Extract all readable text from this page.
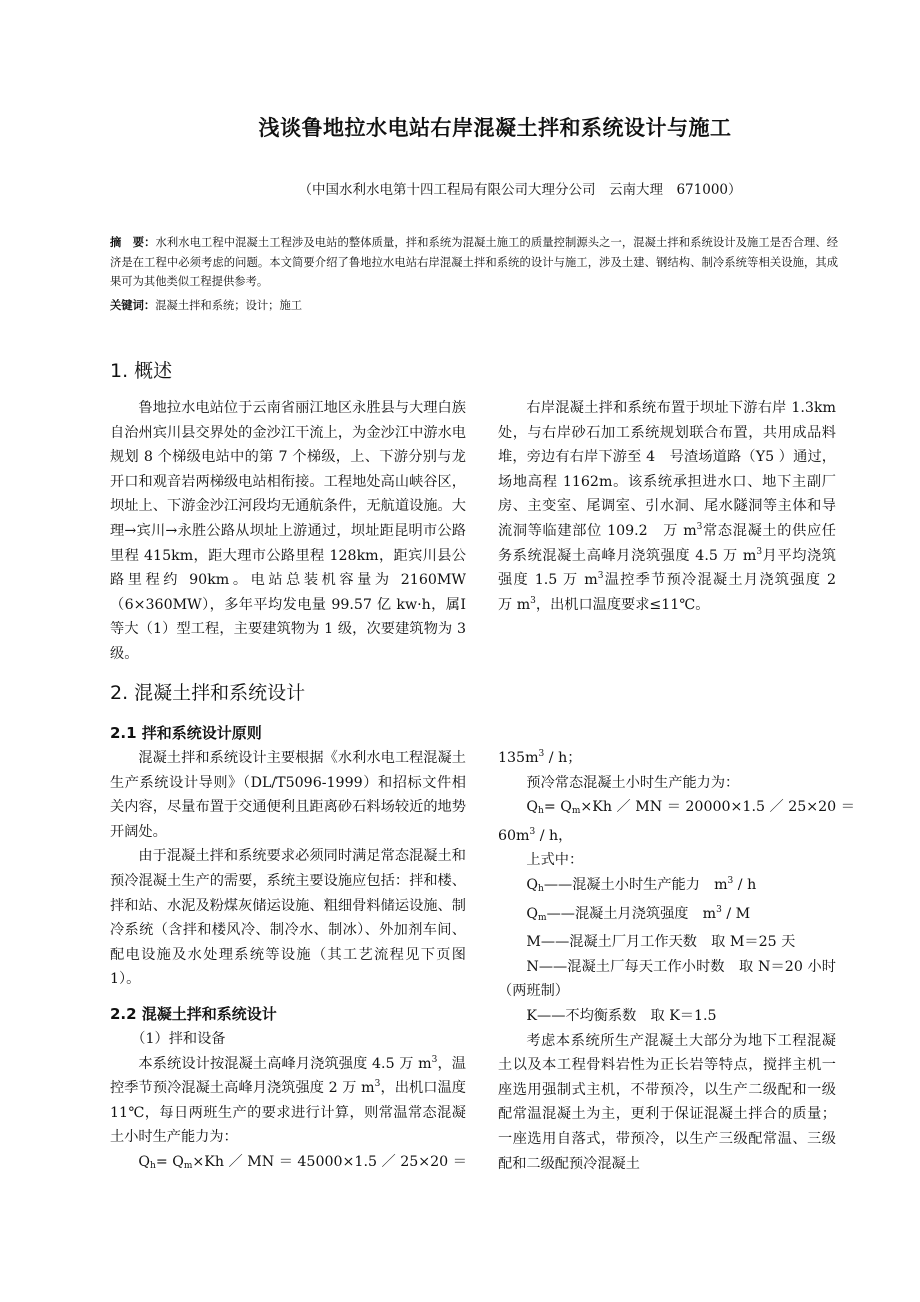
浅谈鲁地拉水电站右岸混凝土拌和系统设计与施工
（中国水利水电第十四工程局有限公司大理分公司　云南大理　671000）
摘　要：水利水电工程中混凝土工程涉及电站的整体质量，拌和系统为混凝土施工的质量控制源头之一，混凝土拌和系统设计及施工是否合理、经济是在工程中必须考虑的问题。本文简要介绍了鲁地拉水电站右岸混凝土拌和系统的设计与施工，涉及土建、钢结构、制冷系统等相关设施，其成果可为其他类似工程提供参考。
关键词：混凝土拌和系统；设计；施工
1. 概述

鲁地拉水电站位于云南省丽江地区永胜县与大理白族自治州宾川县交界处的金沙江干流上，为金沙江中游水电规划 8 个梯级电站中的第 7 个梯级，上、下游分别与龙开口和观音岩两梯级电站相衔接。工程地处高山峡谷区，坝址上、下游金沙江河段均无通航条件，无航道设施。大理→宾川→永胜公路从坝址上游通过，坝址距昆明市公路里程 415km，距大理市公路里程 128km，距宾川县公路里程约 90km。电站总装机容量为 2160MW（6×360MW），多年平均发电量 99.57 亿 kw·h，属Ⅰ等大（1）型工程，主要建筑物为 1 级，次要建筑物为 3 级。

右岸混凝土拌和系统布置于坝址下游右岸 1.3km 处，与右岸砂石加工系统规划联合布置，共用成品料堆，旁边有右岸下游至 4　号渣场道路（Y5 ）通过，场地高程 1162m。该系统承担进水口、地下主副厂房、主变室、尾调室、引水洞、尾水隧洞等主体和导流洞等临建部位 109.2　万 $m^3$常态混凝土的供应任务系统混凝土高峰月浇筑强度 4.5 万 $m^3$月平均浇筑强度 1.5 万 $m^3$温控季节预冷混凝土月浇筑强度 2　万 $m^3$，出机口温度要求≤11℃。

2. 混凝土拌和系统设计
2.1 拌和系统设计原则

混凝土拌和系统设计主要根据《水利水电工程混凝土生产系统设计导则》（DL/T5096-1999）和招标文件相关内容，尽量布置于交通便利且距离砂石料场较近的地势开阔处。

由于混凝土拌和系统要求必须同时满足常态混凝土和预冷混凝土生产的需要，系统主要设施应包括：拌和楼、拌和站、水泥及粉煤灰储运设施、粗细骨料储运设施、制冷系统（含拌和楼风冷、制冷水、制冰）、外加剂车间、配电设施及水处理系统等设施（其工艺流程见下页图 1）。

2.2 混凝土拌和系统设计

（1）拌和设备

本系统设计按混凝土高峰月浇筑强度 4.5 万 $m^3$，温控季节预冷混凝土高峰月浇筑强度 2 万 $m^3$，出机口温度 11℃，每日两班生产的要求进行计算，则常温常态混凝土小时生产能力为：

$Q_h= Q_m\times Kh$ ／ MN ＝ 45000×1.5 ／ 25×20 ＝

$135m^3$ / h；

预冷常态混凝土小时生产能力为：

$Q_h= Q_m\times Kh$ ／ MN ＝ 20000×1.5 ／ 25×20 ＝

$60m^3$ / h，

上式中：

$Q_h——$混凝土小时生产能力　$m^3$ / h

$Q_m——$混凝土月浇筑强度　$m^3$ / M

M——混凝土厂月工作天数　取 M＝25 天

N——混凝土厂每天工作小时数　取 N＝20 小时（两班制）

K——不均衡系数　取 K＝1.5

考虑本系统所生产混凝土大部分为地下工程混凝土以及本工程骨料岩性为正长岩等特点，搅拌主机一座选用强制式主机，不带预冷，以生产二级配和一级配常温混凝土为主，更利于保证混凝土拌合的质量；一座选用自落式，带预冷，以生产三级配常温、三级配和二级配预冷混凝土
